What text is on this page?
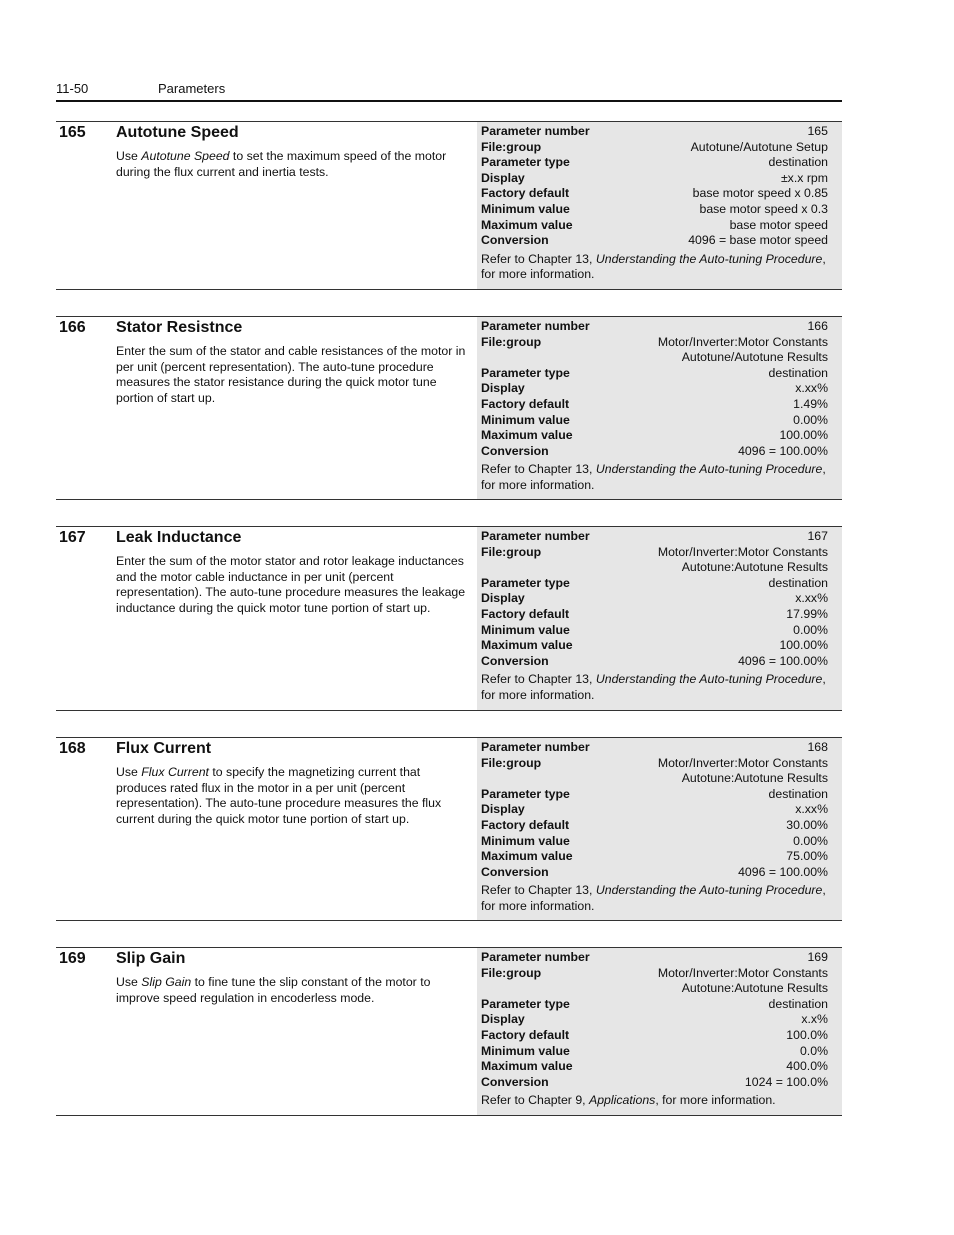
11-50	Parameters
165 Autotune Speed
Use Autotune Speed to set the maximum speed of the motor during the flux current and inertia tests.
Parameter number	165
File:group	Autotune/Autotune Setup
Parameter type	destination
Display	±x.x rpm
Factory default	base motor speed x 0.85
Minimum value	base motor speed x 0.3
Maximum value	base motor speed
Conversion	4096 = base motor speed
Refer to Chapter 13, Understanding the Auto-tuning Procedure, for more information.
166 Stator Resistnce
Enter the sum of the stator and cable resistances of the motor in per unit (percent representation). The auto-tune procedure measures the stator resistance during the quick motor tune portion of start up.
Parameter number	166
File:group	Motor/Inverter:Motor Constants
Autotune/Autotune Results
Parameter type	destination
Display	x.xx%
Factory default	1.49%
Minimum value	0.00%
Maximum value	100.00%
Conversion	4096 = 100.00%
Refer to Chapter 13, Understanding the Auto-tuning Procedure, for more information.
167 Leak Inductance
Enter the sum of the motor stator and rotor leakage inductances and the motor cable inductance in per unit (percent representation). The auto-tune procedure measures the leakage inductance during the quick motor tune portion of start up.
Parameter number	167
File:group	Motor/Inverter:Motor Constants
Autotune:Autotune Results
Parameter type	destination
Display	x.xx%
Factory default	17.99%
Minimum value	0.00%
Maximum value	100.00%
Conversion	4096 = 100.00%
Refer to Chapter 13, Understanding the Auto-tuning Procedure, for more information.
168 Flux Current
Use Flux Current to specify the magnetizing current that produces rated flux in the motor in a per unit (percent representation). The auto-tune procedure measures the flux current during the quick motor tune portion of start up.
Parameter number	168
File:group	Motor/Inverter:Motor Constants
Autotune:Autotune Results
Parameter type	destination
Display	x.xx%
Factory default	30.00%
Minimum value	0.00%
Maximum value	75.00%
Conversion	4096 = 100.00%
Refer to Chapter 13, Understanding the Auto-tuning Procedure, for more information.
169 Slip Gain
Use Slip Gain to fine tune the slip constant of the motor to improve speed regulation in encoderless mode.
Parameter number	169
File:group	Motor/Inverter:Motor Constants
Autotune:Autotune Results
Parameter type	destination
Display	x.x%
Factory default	100.0%
Minimum value	0.0%
Maximum value	400.0%
Conversion	1024 = 100.0%
Refer to Chapter 9, Applications, for more information.
